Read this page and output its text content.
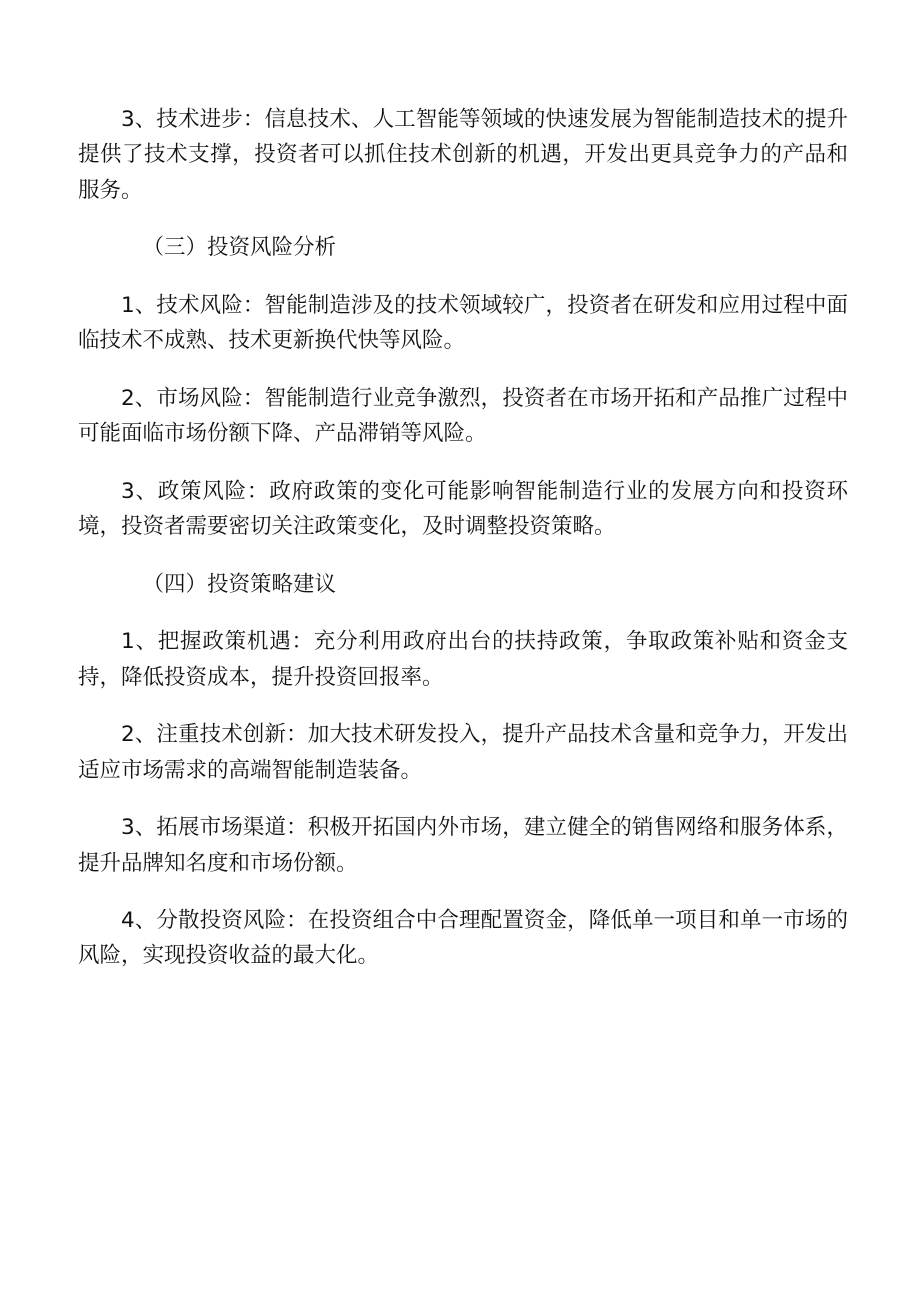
3、技术进步：信息技术、人工智能等领域的快速发展为智能制造技术的提升提供了技术支撑，投资者可以抓住技术创新的机遇，开发出更具竞争力的产品和服务。

（三）投资风险分析

1、技术风险：智能制造涉及的技术领域较广，投资者在研发和应用过程中面临技术不成熟、技术更新换代快等风险。

2、市场风险：智能制造行业竞争激烈，投资者在市场开拓和产品推广过程中可能面临市场份额下降、产品滞销等风险。

3、政策风险：政府政策的变化可能影响智能制造行业的发展方向和投资环境，投资者需要密切关注政策变化，及时调整投资策略。

（四）投资策略建议

1、把握政策机遇：充分利用政府出台的扶持政策，争取政策补贴和资金支持，降低投资成本，提升投资回报率。

2、注重技术创新：加大技术研发投入，提升产品技术含量和竞争力，开发出适应市场需求的高端智能制造装备。

3、拓展市场渠道：积极开拓国内外市场，建立健全的销售网络和服务体系，提升品牌知名度和市场份额。

4、分散投资风险：在投资组合中合理配置资金，降低单一项目和单一市场的风险，实现投资收益的最大化。
